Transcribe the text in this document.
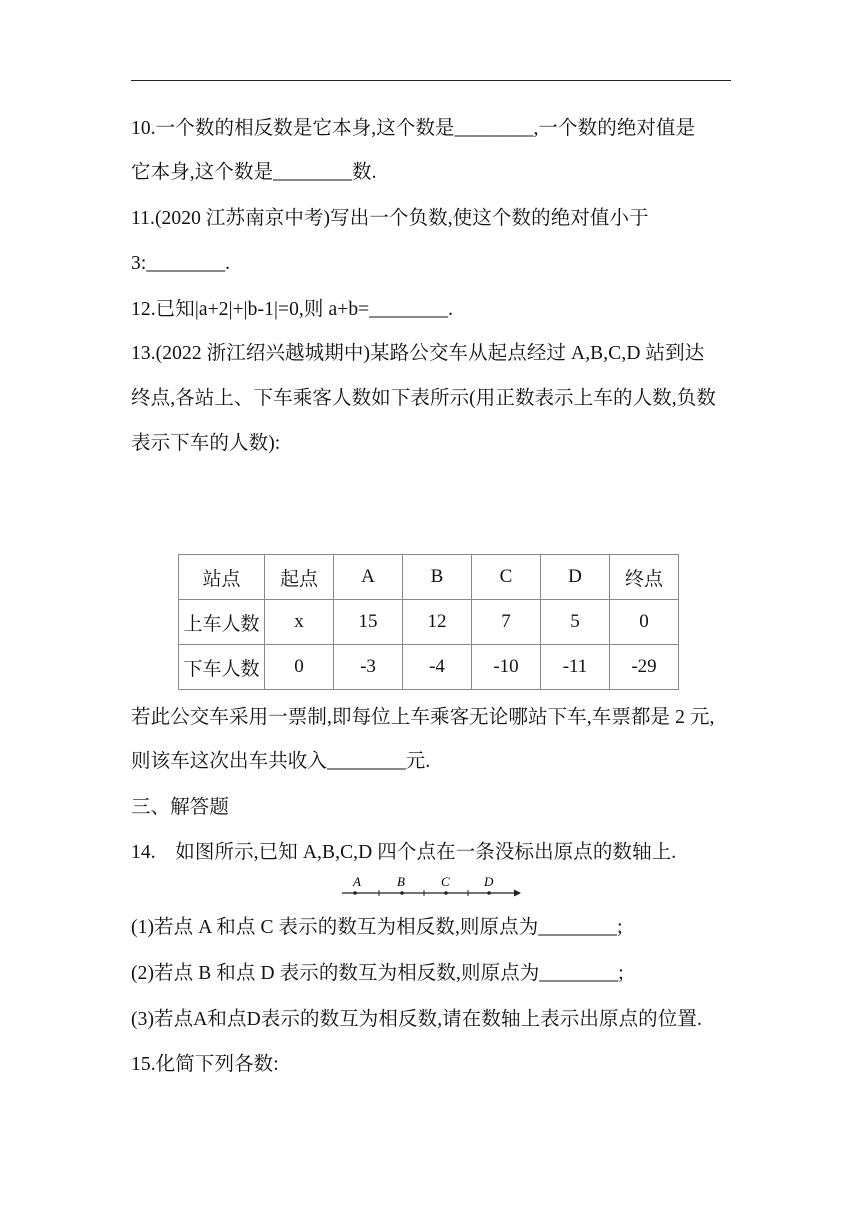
10.一个数的相反数是它本身,这个数是________,一个数的绝对值是
它本身,这个数是________数.
11.(2020 江苏南京中考)写出一个负数,使这个数的绝对值小于
3:________.
12.已知|a+2|+|b-1|=0,则 a+b=________.
13.(2022 浙江绍兴越城期中)某路公交车从起点经过 A,B,C,D 站到达
终点,各站上、下车乘客人数如下表所示(用正数表示上车的人数,负数
表示下车的人数):
站点	起点	A	B	C	D	终点
上车人数	x	15	12	7	5	0
下车人数	0	-3	-4	-10	-11	-29
若此公交车采用一票制,即每位上车乘客无论哪站下车,车票都是 2 元,
则该车这次出车共收入________元.
三、解答题
14.　如图所示,已知 A,B,C,D 四个点在一条没标出原点的数轴上.
A	B	C	D
(1)若点 A 和点 C 表示的数互为相反数,则原点为________;
(2)若点 B 和点 D 表示的数互为相反数,则原点为________;
(3)若点A和点D表示的数互为相反数,请在数轴上表示出原点的位置.
15.化简下列各数:
